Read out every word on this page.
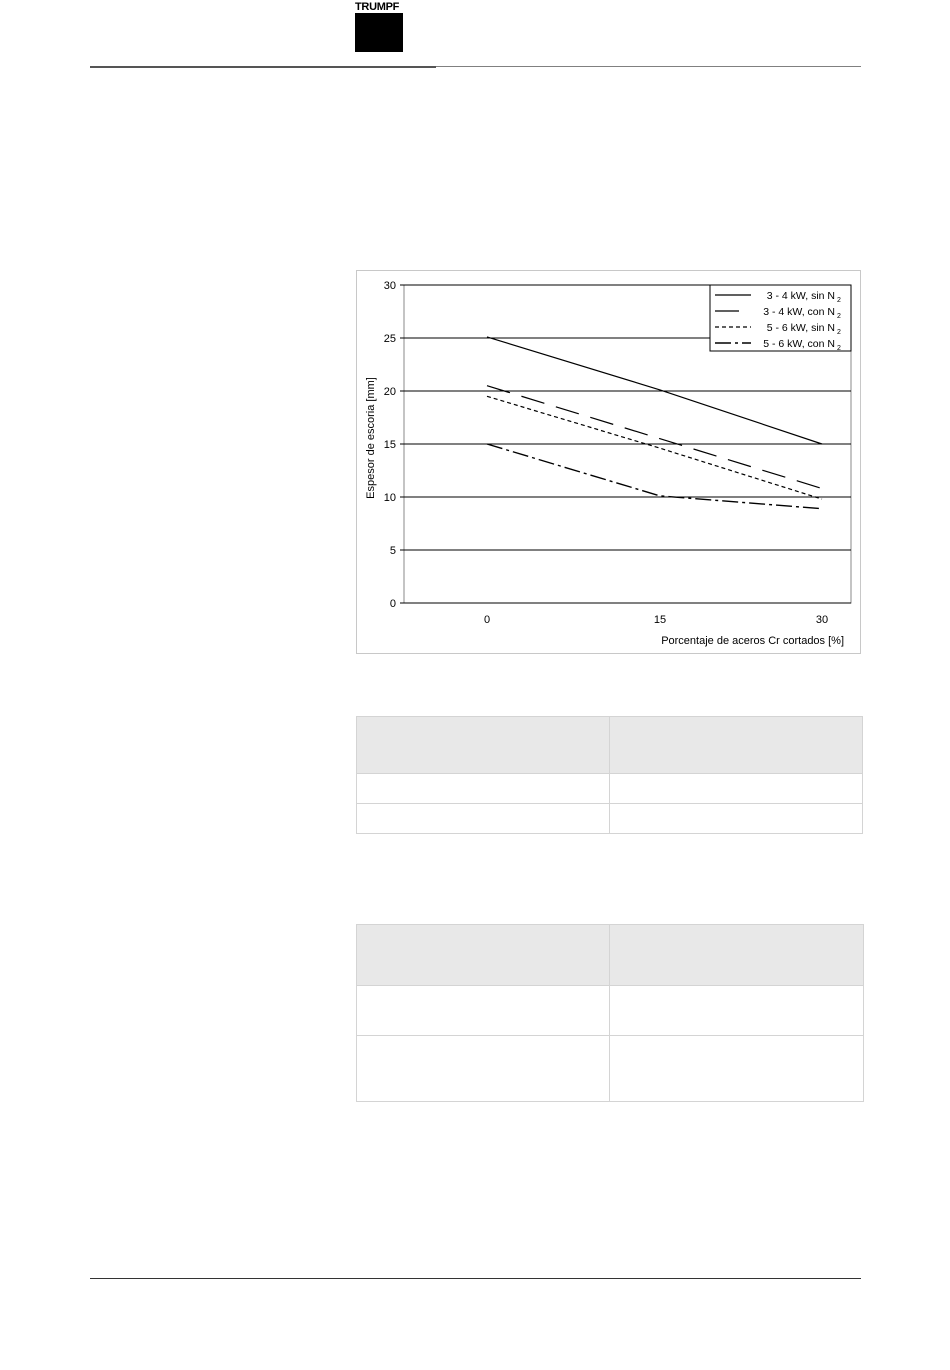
TRUMPF
0
5
10
15
20
25
30
0	15	30
Porcentaje de aceros Cr cortados [%]
Espesor de escoria [mm]
3 - 4 kW, sin N 2
3 - 4 kW, con N 2
5 - 6 kW, sin N 2
5 - 6 kW, con N 2
